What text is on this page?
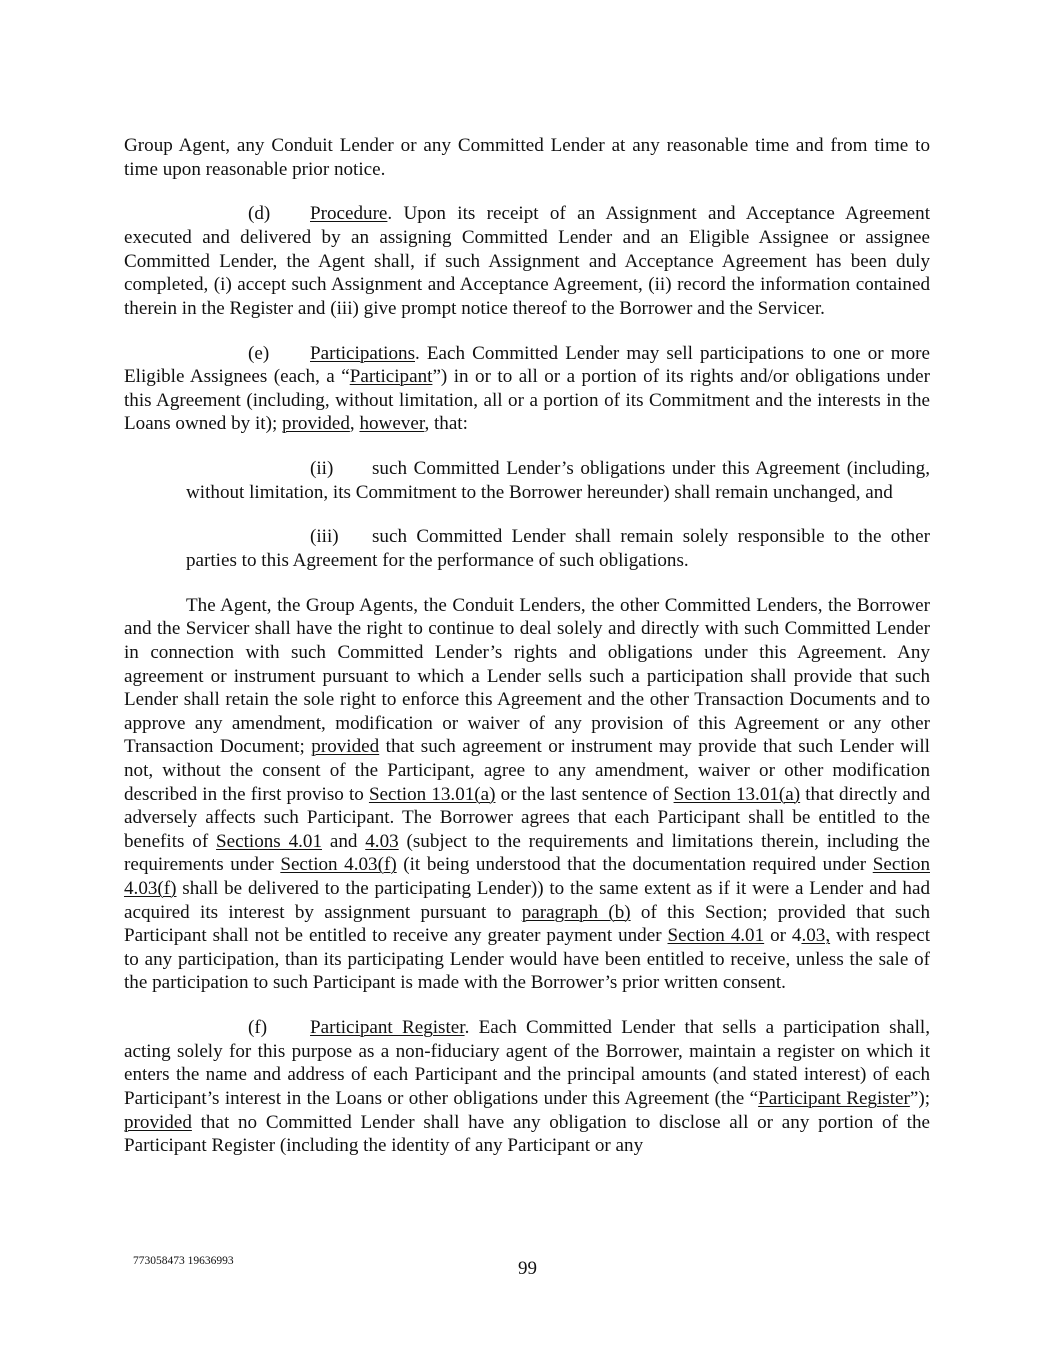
Group Agent, any Conduit Lender or any Committed Lender at any reasonable time and from time to time upon reasonable prior notice.

(d) Procedure. Upon its receipt of an Assignment and Acceptance Agreement executed and delivered by an assigning Committed Lender and an Eligible Assignee or assignee Committed Lender, the Agent shall, if such Assignment and Acceptance Agreement has been duly completed, (i) accept such Assignment and Acceptance Agreement, (ii) record the information contained therein in the Register and (iii) give prompt notice thereof to the Borrower and the Servicer.

(e) Participations. Each Committed Lender may sell participations to one or more Eligible Assignees (each, a “Participant”) in or to all or a portion of its rights and/or obligations under this Agreement (including, without limitation, all or a portion of its Commitment and the interests in the Loans owned by it); provided, however, that:

(ii) such Committed Lender’s obligations under this Agreement (including, without limitation, its Commitment to the Borrower hereunder) shall remain unchanged, and

(iii) such Committed Lender shall remain solely responsible to the other parties to this Agreement for the performance of such obligations.

The Agent, the Group Agents, the Conduit Lenders, the other Committed Lenders, the Borrower and the Servicer shall have the right to continue to deal solely and directly with such Committed Lender in connection with such Committed Lender’s rights and obligations under this Agreement. Any agreement or instrument pursuant to which a Lender sells such a participation shall provide that such Lender shall retain the sole right to enforce this Agreement and the other Transaction Documents and to approve any amendment, modification or waiver of any provision of this Agreement or any other Transaction Document; provided that such agreement or instrument may provide that such Lender will not, without the consent of the Participant, agree to any amendment, waiver or other modification described in the first proviso to Section 13.01(a) or the last sentence of Section 13.01(a) that directly and adversely affects such Participant. The Borrower agrees that each Participant shall be entitled to the benefits of Sections 4.01 and 4.03 (subject to the requirements and limitations therein, including the requirements under Section 4.03(f) (it being understood that the documentation required under Section 4.03(f) shall be delivered to the participating Lender)) to the same extent as if it were a Lender and had acquired its interest by assignment pursuant to paragraph (b) of this Section; provided that such Participant shall not be entitled to receive any greater payment under Section 4.01 or 4.03, with respect to any participation, than its participating Lender would have been entitled to receive, unless the sale of the participation to such Participant is made with the Borrower’s prior written consent.

(f) Participant Register. Each Committed Lender that sells a participation shall, acting solely for this purpose as a non-fiduciary agent of the Borrower, maintain a register on which it enters the name and address of each Participant and the principal amounts (and stated interest) of each Participant’s interest in the Loans or other obligations under this Agreement (the “Participant Register”); provided that no Committed Lender shall have any obligation to disclose all or any portion of the Participant Register (including the identity of any Participant or any

773058473 19636993	99
